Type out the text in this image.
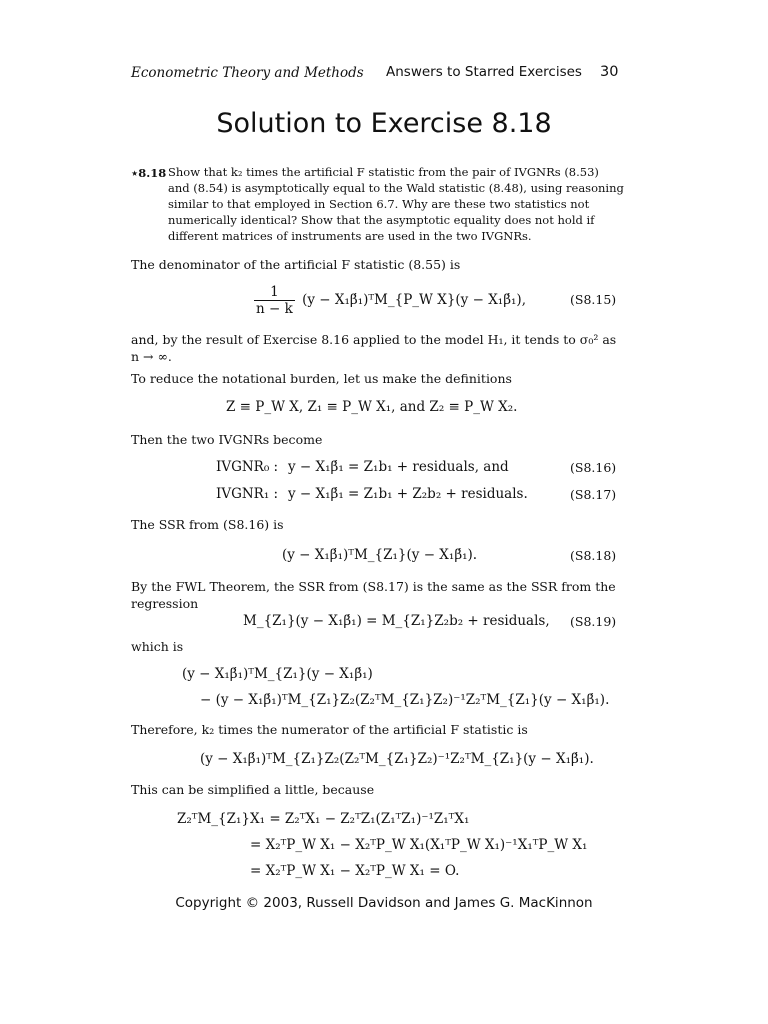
Econometric Theory and Methods Answers to Starred Exercises 30
Solution to Exercise 8.18
⋆8.18 Show that k₂ times the artificial F statistic from the pair of IVGNRs (8.53)
and (8.54) is asymptotically equal to the Wald statistic (8.48), using reasoning
similar to that employed in Section 6.7. Why are these two statistics not
numerically identical? Show that the asymptotic equality does not hold if
different matrices of instruments are used in the two IVGNRs.
The denominator of the artificial F statistic (8.55) is
$\frac{1}{n - k} (y$ − X₁β́₁)ᵀM_{P_W X}(y − X₁β́₁),	(S8.15)
and, by the result of Exercise 8.16 applied to the model H₁, it tends to σ₀² as
n → ∞.
To reduce the notational burden, let us make the definitions
Z ≡ P_W X, Z₁ ≡ P_W X₁, and Z₂ ≡ P_W X₂.
Then the two IVGNRs become
IVGNR₀ : y − X₁β́₁ = Z₁b₁ + residuals, and	(S8.16)
IVGNR₁ : y − X₁β́₁ = Z₁b₁ + Z₂b₂ + residuals.	(S8.17)
The SSR from (S8.16) is
(y − X₁β́₁)ᵀM_{Z₁}(y − X₁β́₁).	(S8.18)
By the FWL Theorem, the SSR from (S8.17) is the same as the SSR from the
regression
M_{Z₁}(y − X₁β́₁) = M_{Z₁}Z₂b₂ + residuals, (S8.19)
which is
(y − X₁β́₁)ᵀM_{Z₁}(y − X₁β́₁)
− (y − X₁β́₁)ᵀM_{Z₁}Z₂(Z₂ᵀM_{Z₁}Z₂)⁻¹Z₂ᵀM_{Z₁}(y − X₁β́₁).
Therefore, k₂ times the numerator of the artificial F statistic is
(y − X₁β́₁)ᵀM_{Z₁}Z₂(Z₂ᵀM_{Z₁}Z₂)⁻¹Z₂ᵀM_{Z₁}(y − X₁β́₁).
This can be simplified a little, because
Z₂ᵀM_{Z₁}X₁ = Z₂ᵀX₁ − Z₂ᵀZ₁(Z₁ᵀZ₁)⁻¹Z₁ᵀX₁
= X₂ᵀP_W X₁ − X₂ᵀP_W X₁(X₁ᵀP_W X₁)⁻¹X₁ᵀP_W X₁
= X₂ᵀP_W X₁ − X₂ᵀP_W X₁ = O.
Copyright © 2003, Russell Davidson and James G. MacKinnon
